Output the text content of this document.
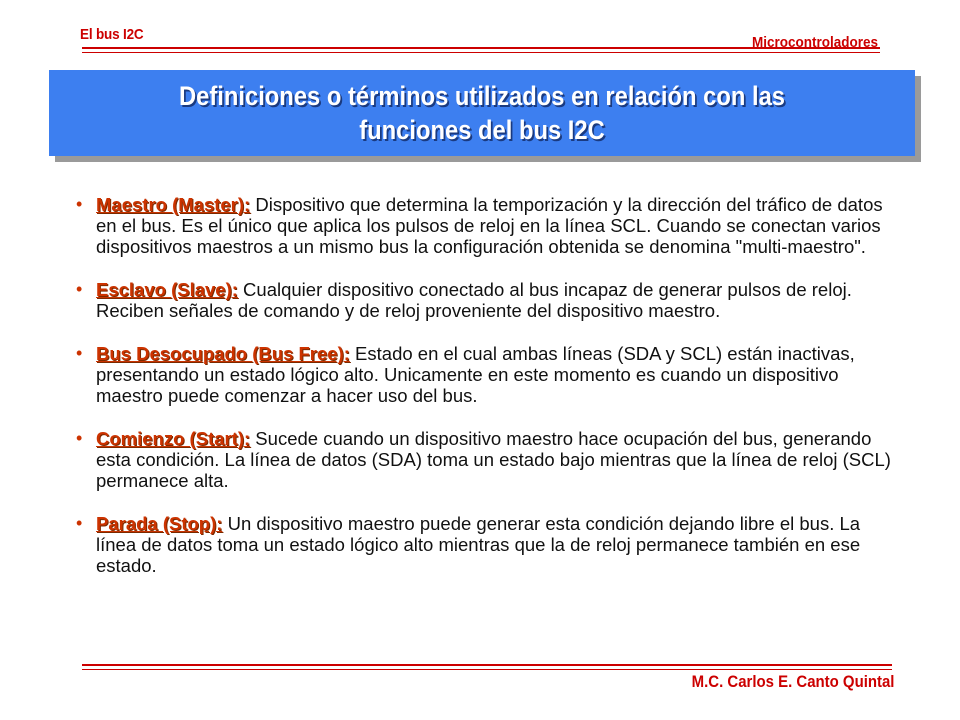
El bus I2C	Microcontroladores
Definiciones o términos utilizados en relación con las
funciones del bus I2C
• Maestro (Master): Dispositivo que determina la temporización y la dirección del tráfico de datos en el bus. Es el único que aplica los pulsos de reloj en la línea SCL. Cuando se conectan varios dispositivos maestros a un mismo bus la configuración obtenida se denomina "multi-maestro".
• Esclavo (Slave): Cualquier dispositivo conectado al bus incapaz de generar pulsos de reloj. Reciben señales de comando y de reloj proveniente del dispositivo maestro.
• Bus Desocupado (Bus Free): Estado en el cual ambas líneas (SDA y SCL) están inactivas, presentando un estado lógico alto. Unicamente en este momento es cuando un dispositivo maestro puede comenzar a hacer uso del bus.
• Comienzo (Start): Sucede cuando un dispositivo maestro hace ocupación del bus, generando esta condición. La línea de datos (SDA) toma un estado bajo mientras que la línea de reloj (SCL) permanece alta.
• Parada (Stop): Un dispositivo maestro puede generar esta condición dejando libre el bus. La línea de datos toma un estado lógico alto mientras que la de reloj permanece también en ese estado.
M.C. Carlos E. Canto Quintal
